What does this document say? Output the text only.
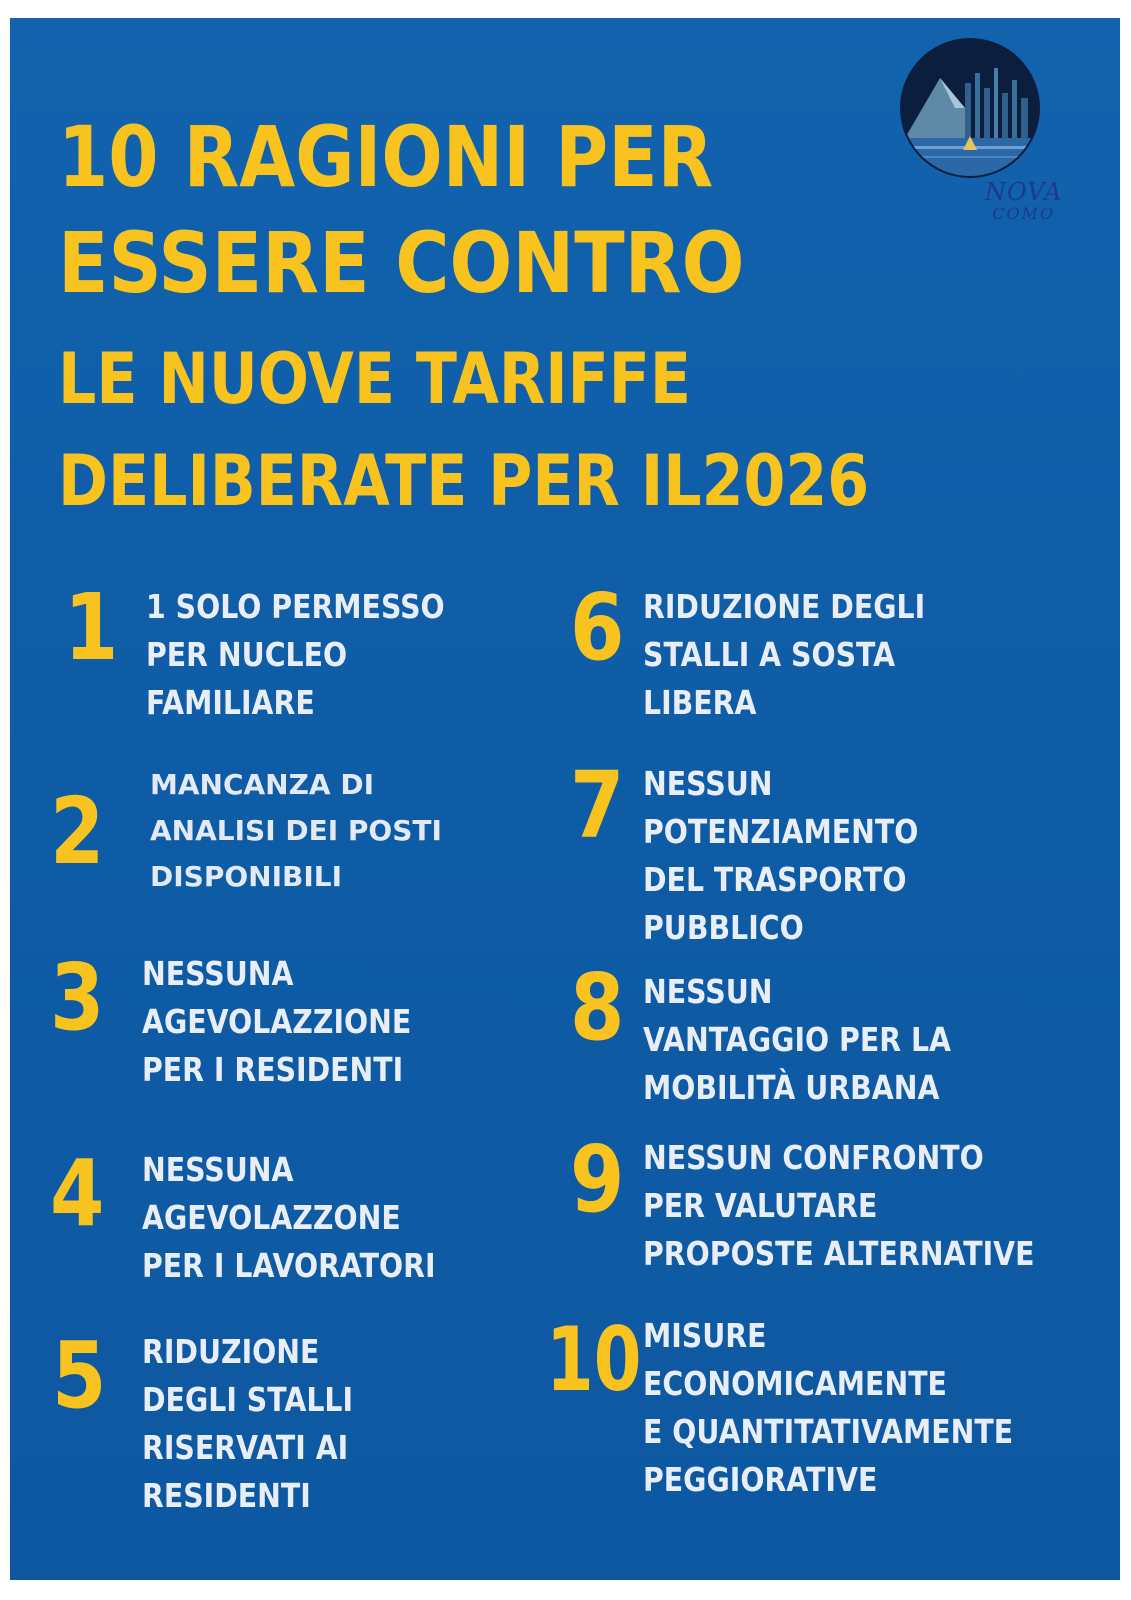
10 RAGIONI PER
ESSERE CONTRO
LE NUOVE TARIFFE
DELIBERATE PER IL2026
NOVA
COMO
1 1 SOLO PERMESSO
PER NUCLEO
FAMILIARE
2 MANCANZA DI
ANALISI DEI POSTI
DISPONIBILI
3 NESSUNA
AGEVOLAZZIONE
PER I RESIDENTI
4 NESSUNA
AGEVOLAZZONE
PER I LAVORATORI
5 RIDUZIONE
DEGLI STALLI
RISERVATI AI
RESIDENTI
6 RIDUZIONE DEGLI
STALLI A SOSTA
LIBERA
7 NESSUN
POTENZIAMENTO
DEL TRASPORTO
PUBBLICO
8 NESSUN
VANTAGGIO PER LA
MOBILITÀ URBANA
9 NESSUN CONFRONTO
PER VALUTARE
PROPOSTE ALTERNATIVE
10 MISURE
ECONOMICAMENTE
E QUANTITATIVAMENTE
PEGGIORATIVE
